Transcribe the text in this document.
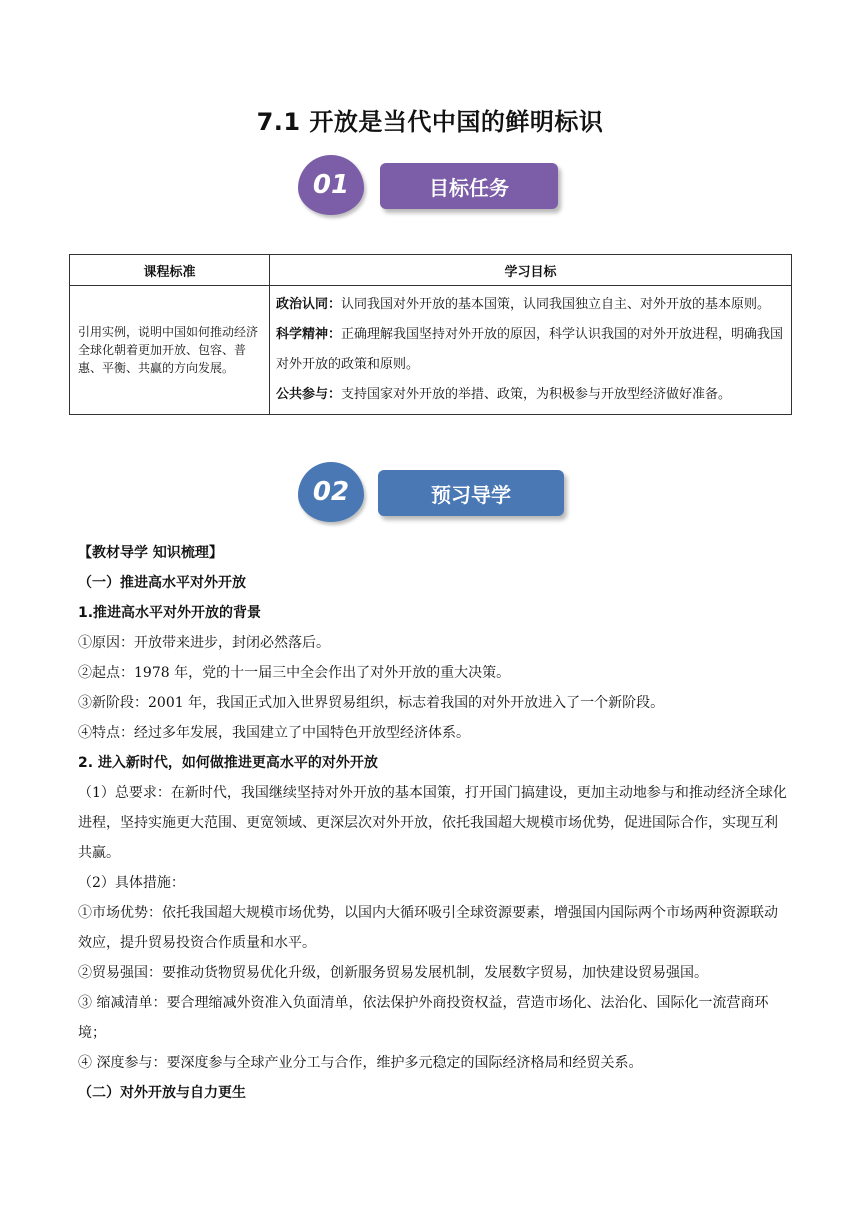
7.1 开放是当代中国的鲜明标识
01	目标任务
课程标准	学习目标
引用实例，说明中国如何推动经济全球化朝着更加开放、包容、普惠、平衡、共赢的方向发展。	政治认同：认同我国对外开放的基本国策，认同我国独立自主、对外开放的基本原则。
科学精神：正确理解我国坚持对外开放的原因，科学认识我国的对外开放进程，明确我国对外开放的政策和原则。
公共参与：支持国家对外开放的举措、政策，为积极参与开放型经济做好准备。
02	预习导学

【教材导学 知识梳理】

（一）推进高水平对外开放

1.推进高水平对外开放的背景

①原因：开放带来进步，封闭必然落后。

②起点：1978 年，党的十一届三中全会作出了对外开放的重大决策。

③新阶段：2001 年，我国正式加入世界贸易组织，标志着我国的对外开放进入了一个新阶段。

④特点：经过多年发展，我国建立了中国特色开放型经济体系。

2. 进入新时代，如何做推进更高水平的对外开放

（1）总要求：在新时代，我国继续坚持对外开放的基本国策，打开国门搞建设，更加主动地参与和推动经济全球化进程，坚持实施更大范围、更宽领域、更深层次对外开放，依托我国超大规模市场优势，促进国际合作，实现互利共赢。

（2）具体措施：

①市场优势：依托我国超大规模市场优势，以国内大循环吸引全球资源要素，增强国内国际两个市场两种资源联动效应，提升贸易投资合作质量和水平。

②贸易强国：要推动货物贸易优化升级，创新服务贸易发展机制，发展数字贸易，加快建设贸易强国。

③ 缩减清单：要合理缩减外资准入负面清单，依法保护外商投资权益，营造市场化、法治化、国际化一流营商环境；

④ 深度参与：要深度参与全球产业分工与合作，维护多元稳定的国际经济格局和经贸关系。

（二）对外开放与自力更生
